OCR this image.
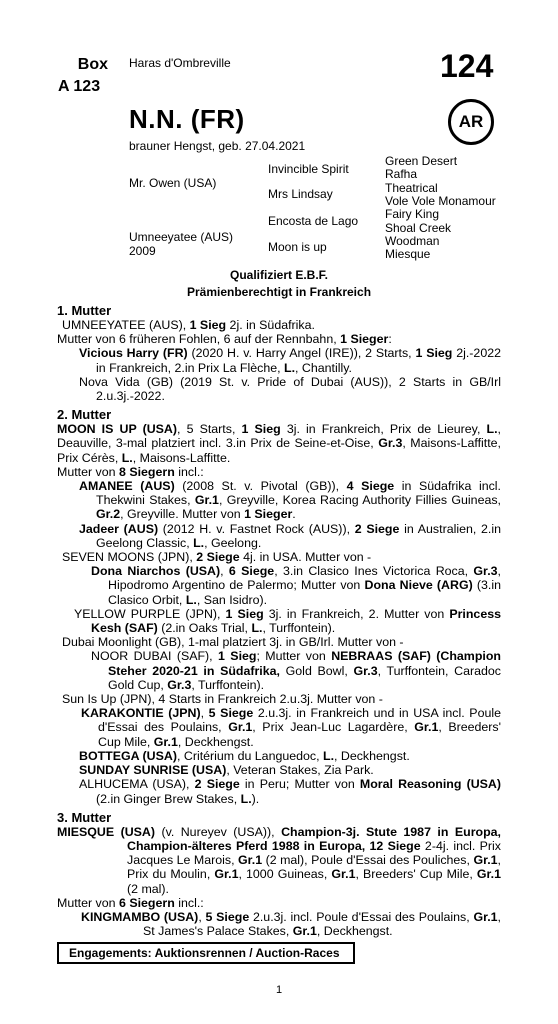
Box
A 123
Haras d'Ombreville	124
N.N. (FR)	AR
brauner Hengst, geb. 27.04.2021
Mr. Owen (USA)
Umneeyatee (AUS)
2009
Invincible Spirit
Mrs Lindsay
Encosta de Lago
Moon is up
Green Desert
Rafha
Theatrical
Vole Vole Monamour
Fairy King
Shoal Creek
Woodman
Miesque
Qualifiziert E.B.F.
Prämienberechtigt in Frankreich
1. Mutter

UMNEEYATEE (AUS), 1 Sieg 2j. in Südafrika.

Mutter von 6 früheren Fohlen, 6 auf der Rennbahn, 1 Sieger:

Vicious Harry (FR) (2020 H. v. Harry Angel (IRE)), 2 Starts, 1 Sieg 2j.-2022 in Frankreich, 2.in Prix La Flèche, L., Chantilly.

Nova Vida (GB) (2019 St. v. Pride of Dubai (AUS)), 2 Starts in GB/Irl 2.u.3j.-2022.

2. Mutter

MOON IS UP (USA), 5 Starts, 1 Sieg 3j. in Frankreich, Prix de Lieurey, L., Deauville, 3-mal platziert incl. 3.in Prix de Seine-et-Oise, Gr.3, Maisons-Laffitte, Prix Cérès, L., Maisons-Laffitte.

Mutter von 8 Siegern incl.:

AMANEE (AUS) (2008 St. v. Pivotal (GB)), 4 Siege in Südafrika incl. Thekwini Stakes, Gr.1, Greyville, Korea Racing Authority Fillies Guineas, Gr.2, Greyville. Mutter von 1 Sieger.

Jadeer (AUS) (2012 H. v. Fastnet Rock (AUS)), 2 Siege in Australien, 2.in Geelong Classic, L., Geelong.

SEVEN MOONS (JPN), 2 Siege 4j. in USA. Mutter von -

Dona Niarchos (USA), 6 Siege, 3.in Clasico Ines Victorica Roca, Gr.3, Hipodromo Argentino de Palermo; Mutter von Dona Nieve (ARG) (3.in Clasico Orbit, L., San Isidro).

YELLOW PURPLE (JPN), 1 Sieg 3j. in Frankreich, 2. Mutter von Princess Kesh (SAF) (2.in Oaks Trial, L., Turffontein).

Dubai Moonlight (GB), 1-mal platziert 3j. in GB/Irl. Mutter von -

NOOR DUBAI (SAF), 1 Sieg; Mutter von NEBRAAS (SAF) (Champion Steher 2020-21 in Südafrika, Gold Bowl, Gr.3, Turffontein, Caradoc Gold Cup, Gr.3, Turffontein).

Sun Is Up (JPN), 4 Starts in Frankreich 2.u.3j. Mutter von -

KARAKONTIE (JPN), 5 Siege 2.u.3j. in Frankreich und in USA incl. Poule d'Essai des Poulains, Gr.1, Prix Jean-Luc Lagardère, Gr.1, Breeders' Cup Mile, Gr.1, Deckhengst.

BOTTEGA (USA), Critérium du Languedoc, L., Deckhengst.

SUNDAY SUNRISE (USA), Veteran Stakes, Zia Park.

ALHUCEMA (USA), 2 Siege in Peru; Mutter von Moral Reasoning (USA) (2.in Ginger Brew Stakes, L.).

3. Mutter

MIESQUE (USA) (v. Nureyev (USA)), Champion-3j. Stute 1987 in Europa, Champion-älteres Pferd 1988 in Europa, 12 Siege 2-4j. incl. Prix Jacques Le Marois, Gr.1 (2 mal), Poule d'Essai des Pouliches, Gr.1, Prix du Moulin, Gr.1, 1000 Guineas, Gr.1, Breeders' Cup Mile, Gr.1 (2 mal).

Mutter von 6 Siegern incl.:

KINGMAMBO (USA), 5 Siege 2.u.3j. incl. Poule d'Essai des Poulains, Gr.1, St James's Palace Stakes, Gr.1, Deckhengst.

Engagements: Auktionsrennen / Auction-Races
1
